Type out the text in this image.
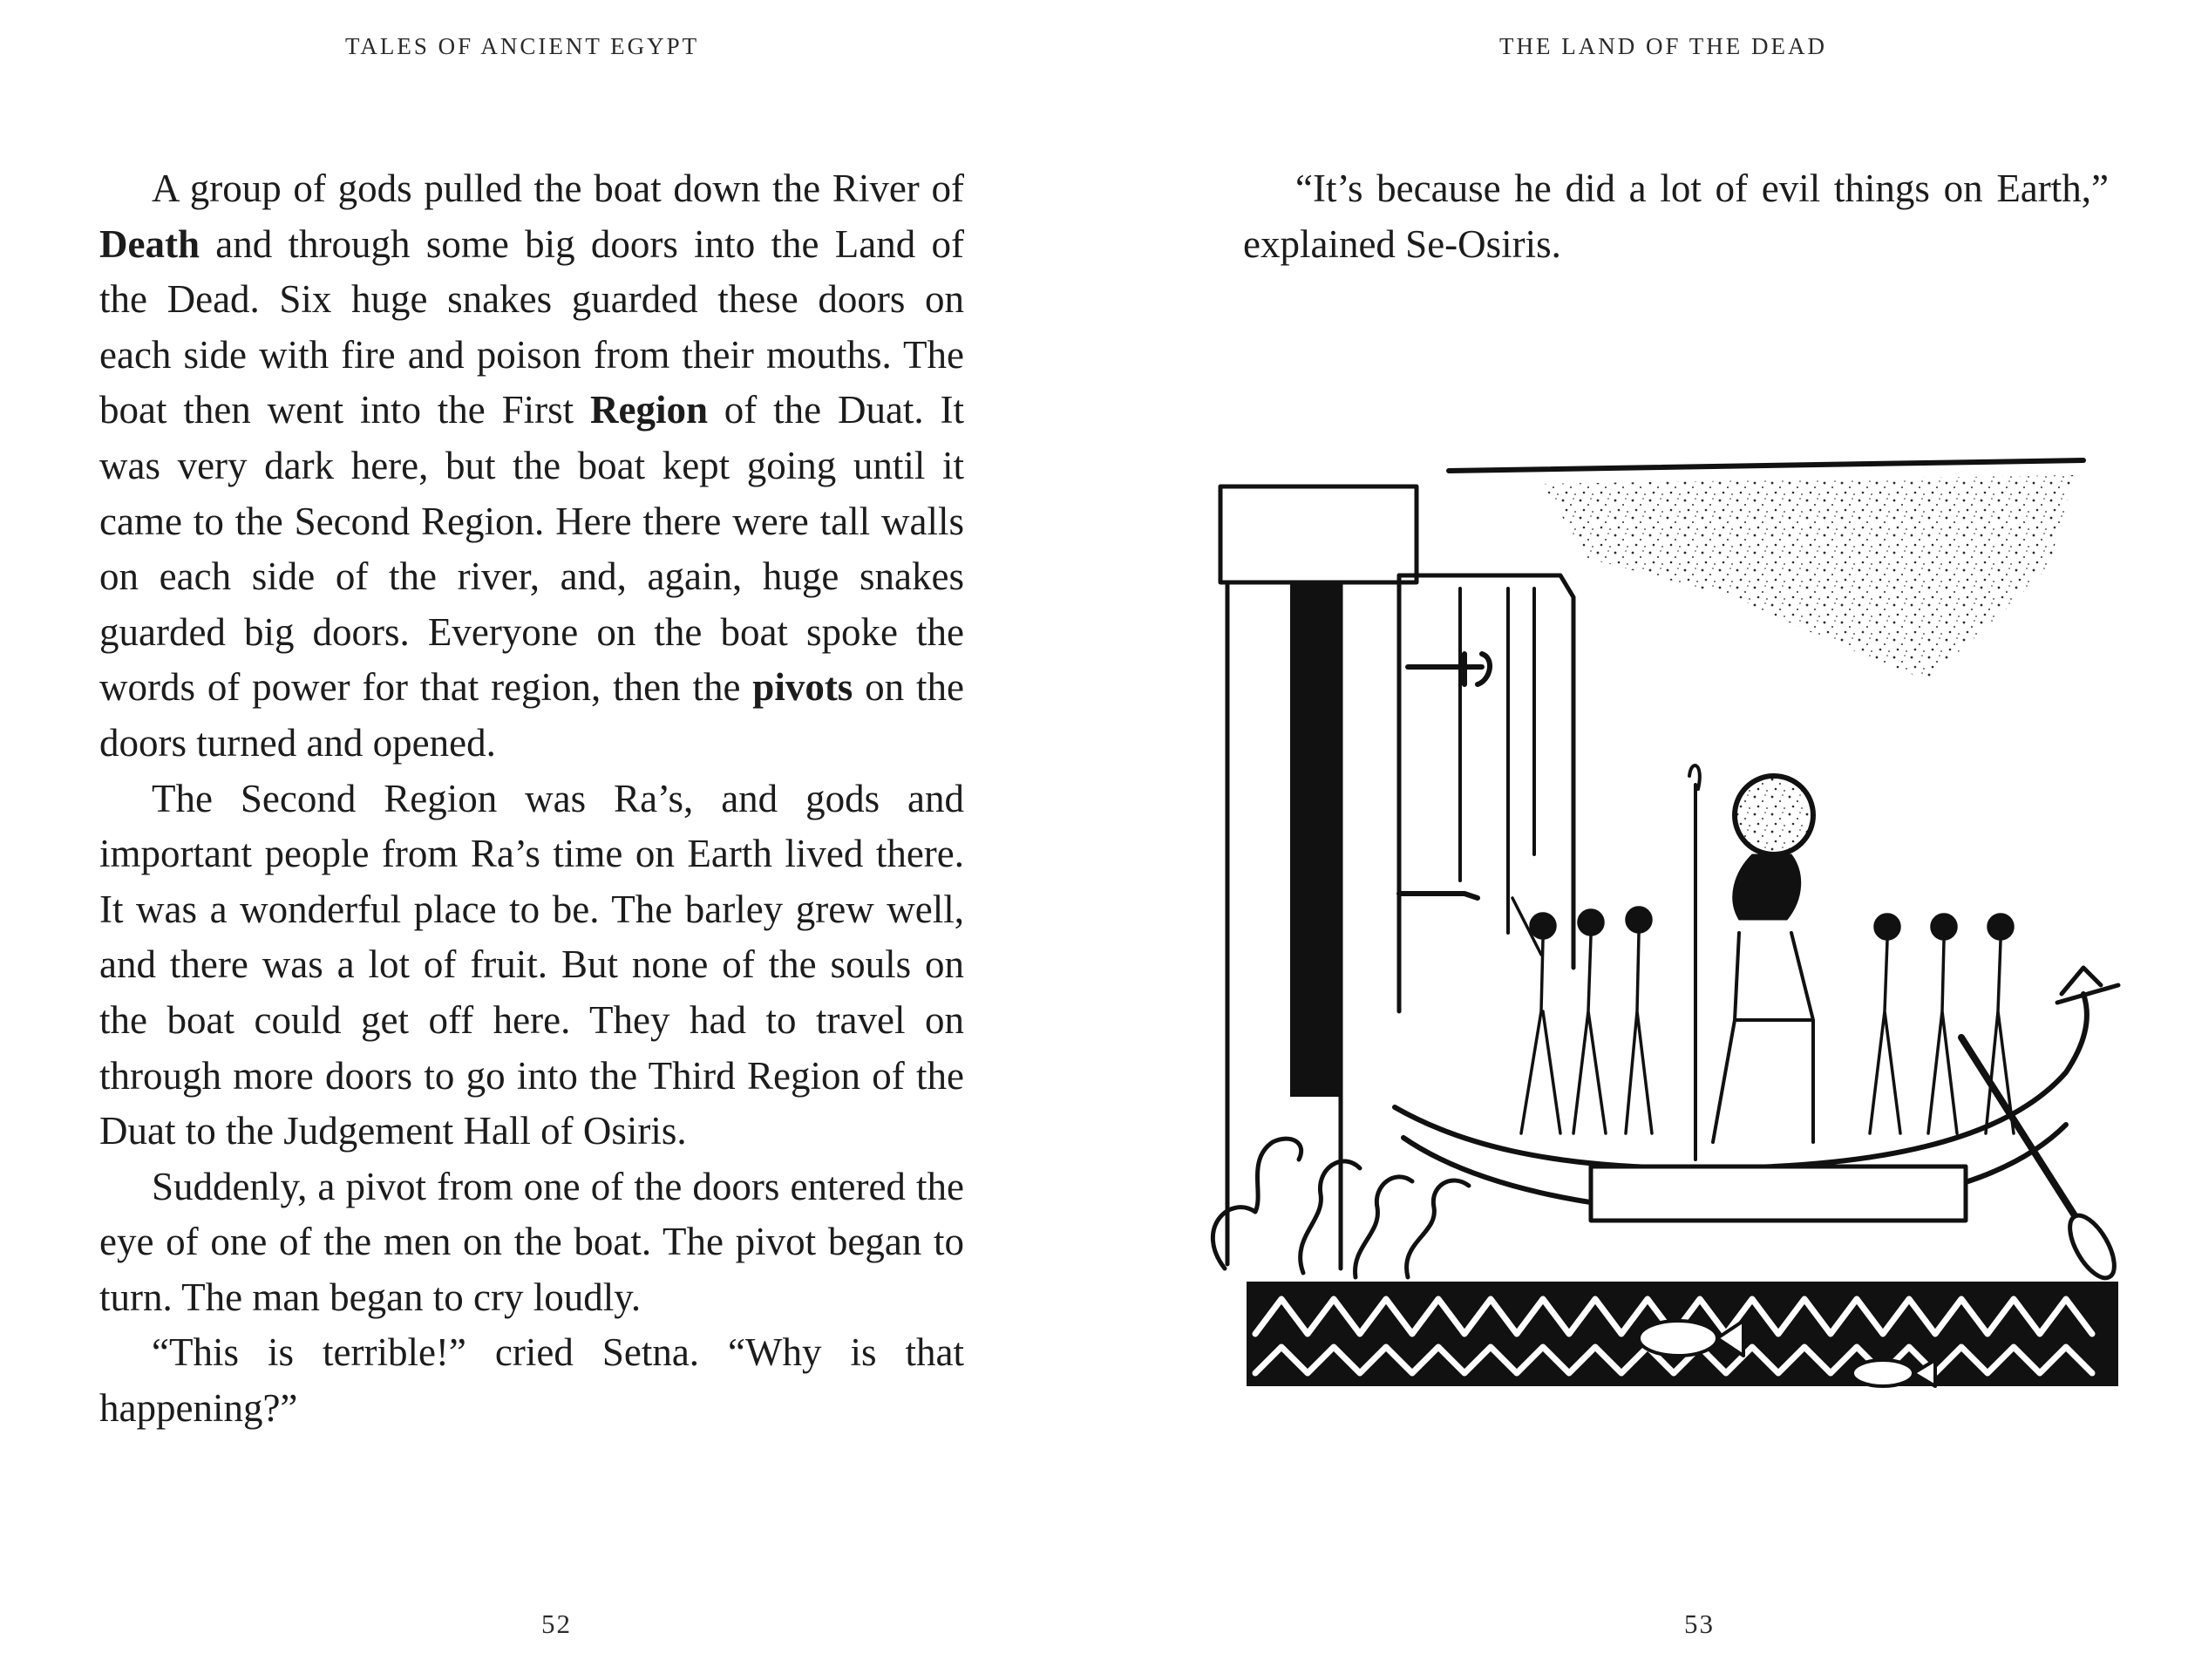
TALES OF ANCIENT EGYPT	THE LAND OF THE DEAD

A group of gods pulled the boat down the River of Death and through some big doors into the Land of the Dead. Six huge snakes guarded these doors on each side with fire and poison from their mouths. The boat then went into the First Region of the Duat. It was very dark here, but the boat kept going until it came to the Second Region. Here there were tall walls on each side of the river, and, again, huge snakes guarded big doors. Everyone on the boat spoke the words of power for that region, then the pivots on the doors turned and opened.

The Second Region was Ra’s, and gods and important people from Ra’s time on Earth lived there. It was a wonderful place to be. The barley grew well, and there was a lot of fruit. But none of the souls on the boat could get off here. They had to travel on through more doors to go into the Third Region of the Duat to the Judgement Hall of Osiris.

Suddenly, a pivot from one of the doors entered the eye of one of the men on the boat. The pivot began to turn. The man began to cry loudly.

“This is terrible!” cried Setna. “Why is that happening?”

“It’s because he did a lot of evil things on Earth,” explained Se-Osiris.

52	53
